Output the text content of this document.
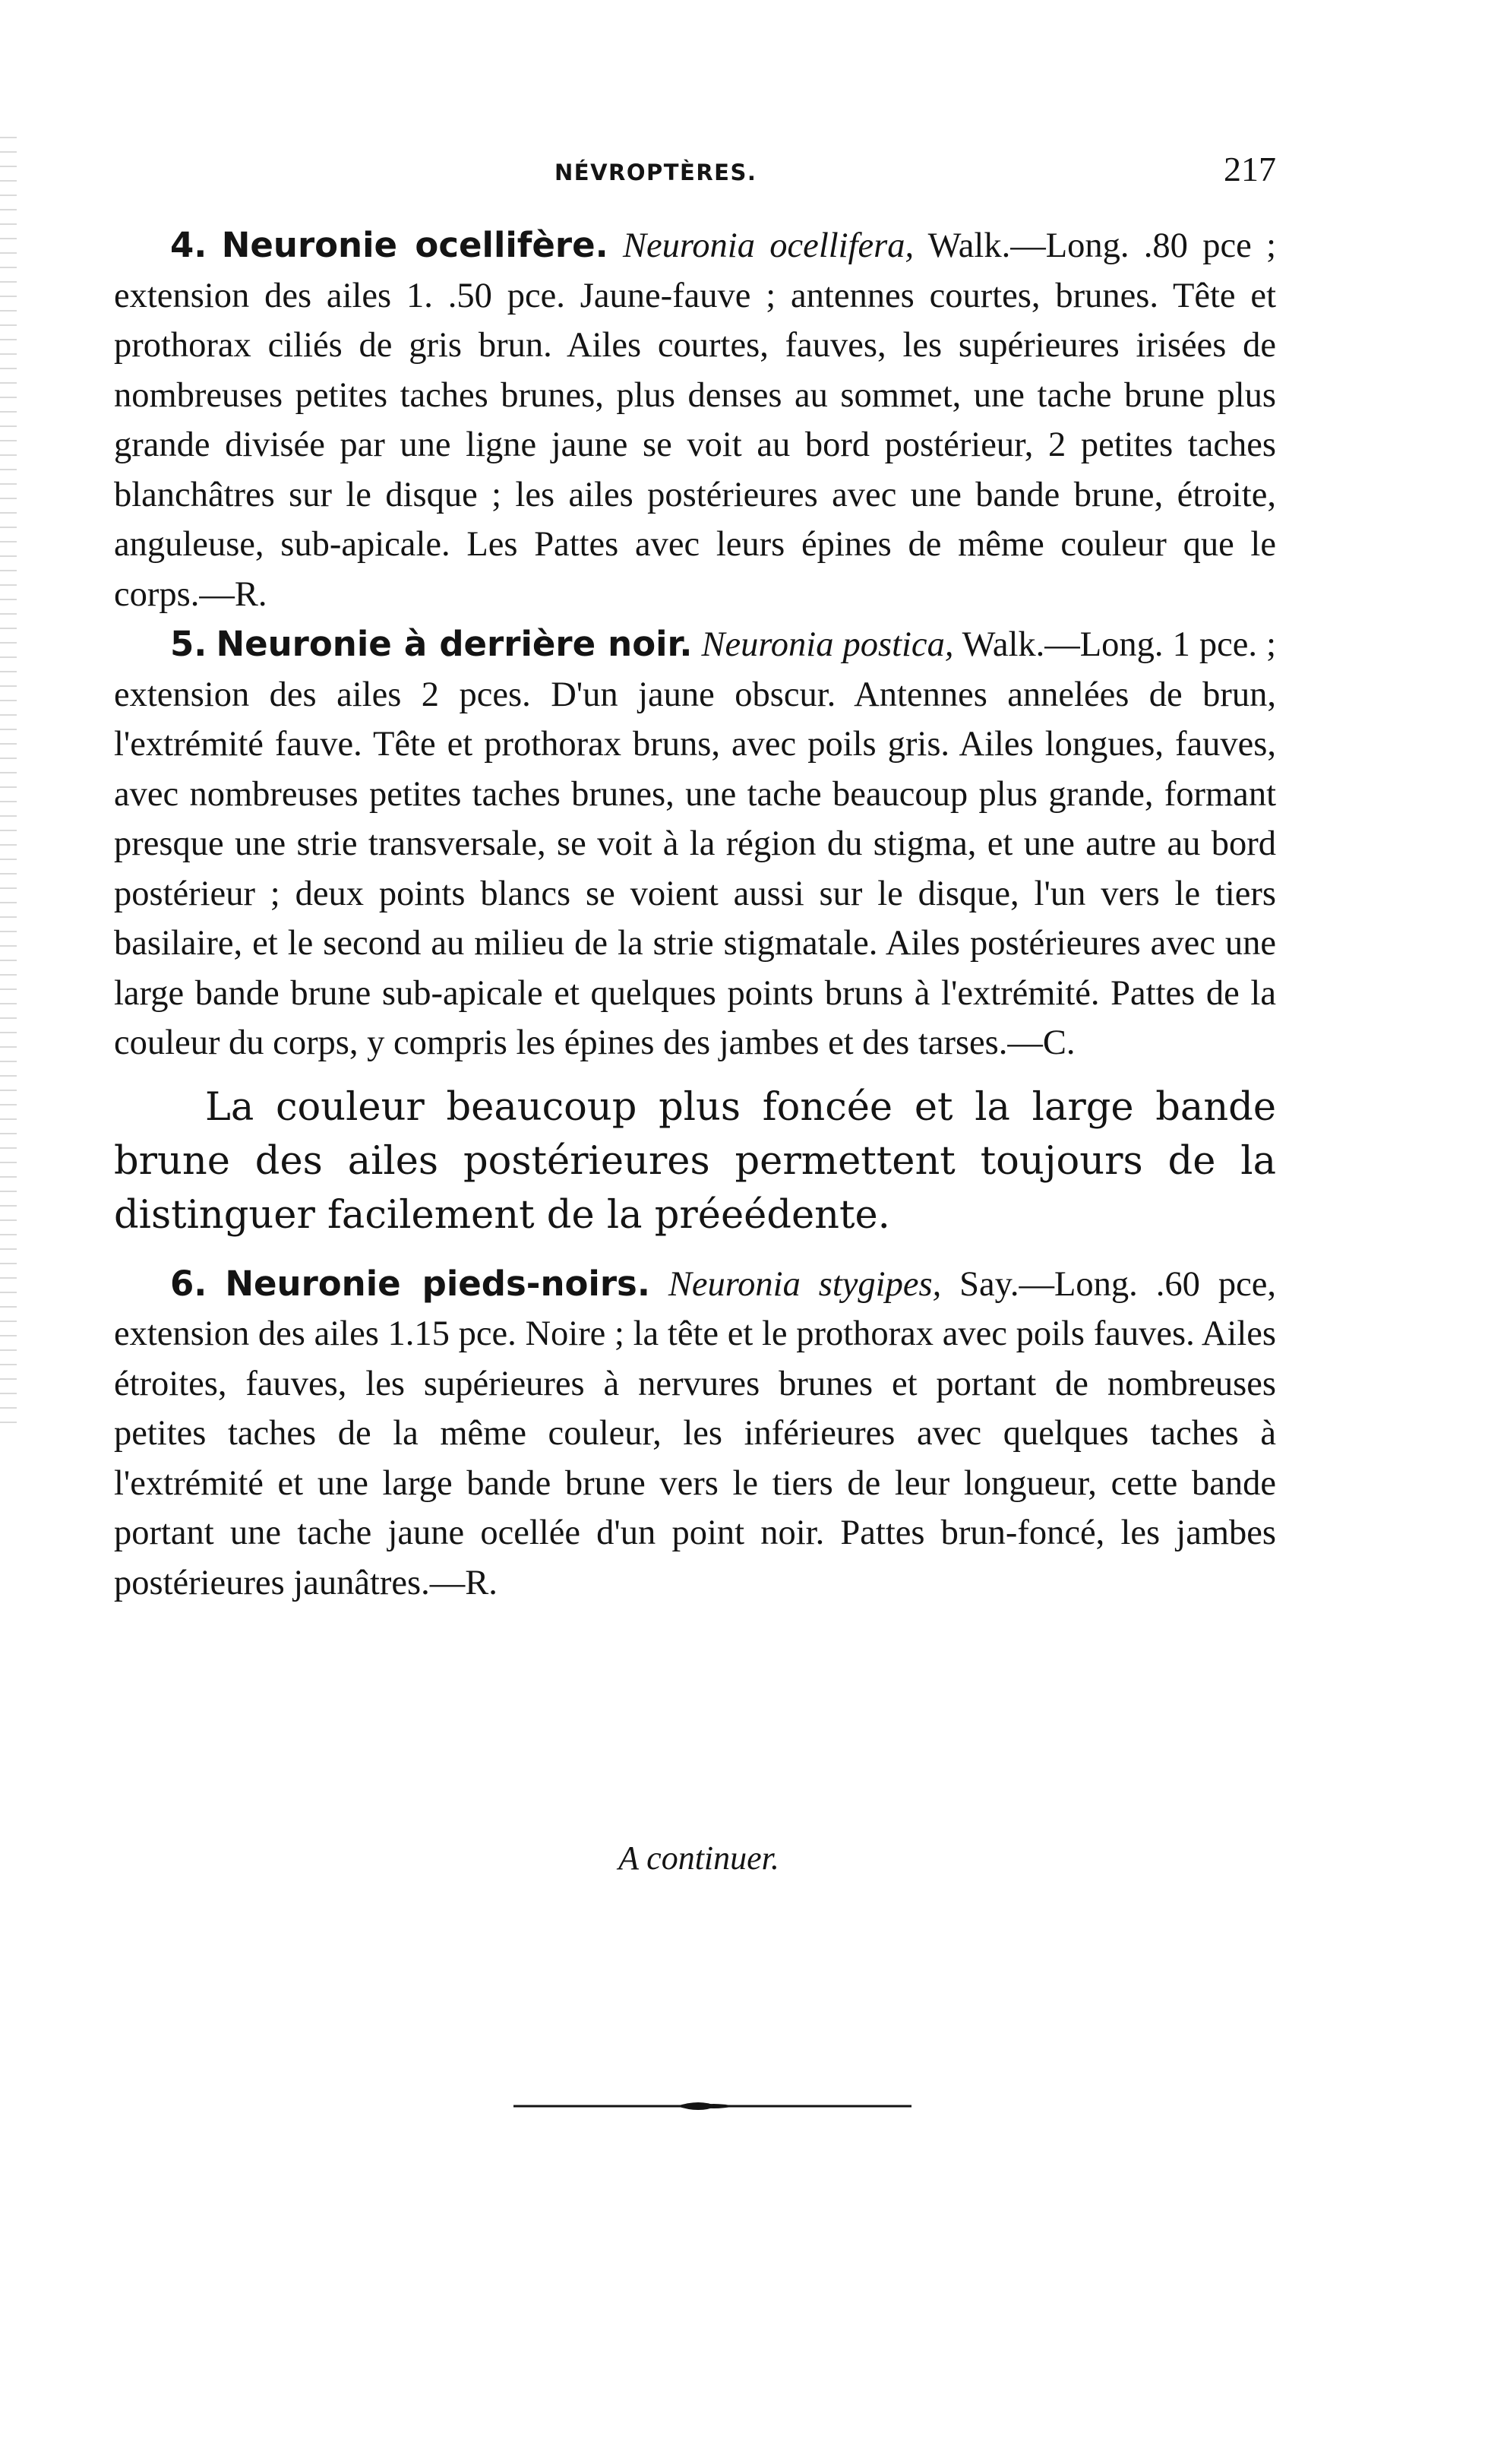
NÉVROPTÈRES.	217

4. Neuronie ocellifère. Neuronia ocellifera, Walk.—Long. .80 pce ; extension des ailes 1. .50 pce. Jaune-fauve ; antennes courtes, brunes. Tête et prothorax ciliés de gris brun. Ailes courtes, fauves, les supérieures irisées de nombreuses petites taches brunes, plus denses au sommet, une tache brune plus grande divisée par une ligne jaune se voit au bord postérieur, 2 petites taches blanchâtres sur le disque ; les ailes postérieures avec une bande brune, étroite, anguleuse, sub-apicale. Les Pattes avec leurs épines de même couleur que le corps.—R.

5. Neuronie à derrière noir. Neuronia postica, Walk.—Long. 1 pce. ; extension des ailes 2 pces. D'un jaune obscur. Antennes annelées de brun, l'extrémité fauve. Tête et prothorax bruns, avec poils gris. Ailes longues, fauves, avec nombreuses petites taches brunes, une tache beaucoup plus grande, formant presque une strie transversale, se voit à la région du stigma, et une autre au bord postérieur ; deux points blancs se voient aussi sur le disque, l'un vers le tiers basilaire, et le second au milieu de la strie stigmatale. Ailes postérieures avec une large bande brune sub-apicale et quelques points bruns à l'extrémité. Pattes de la couleur du corps, y compris les épines des jambes et des tarses.—C.

La couleur beaucoup plus foncée et la large bande brune des ailes postérieures permettent toujours de la distinguer facilement de la préeédente.

6. Neuronie pieds-noirs. Neuronia stygipes, Say.—Long. .60 pce, extension des ailes 1.15 pce. Noire ; la tête et le prothorax avec poils fauves. Ailes étroites, fauves, les supérieures à nervures brunes et portant de nombreuses petites taches de la même couleur, les inférieures avec quelques taches à l'extrémité et une large bande brune vers le tiers de leur longueur, cette bande portant une tache jaune ocellée d'un point noir. Pattes brun-foncé, les jambes postérieures jaunâtres.—R.

A continuer.
